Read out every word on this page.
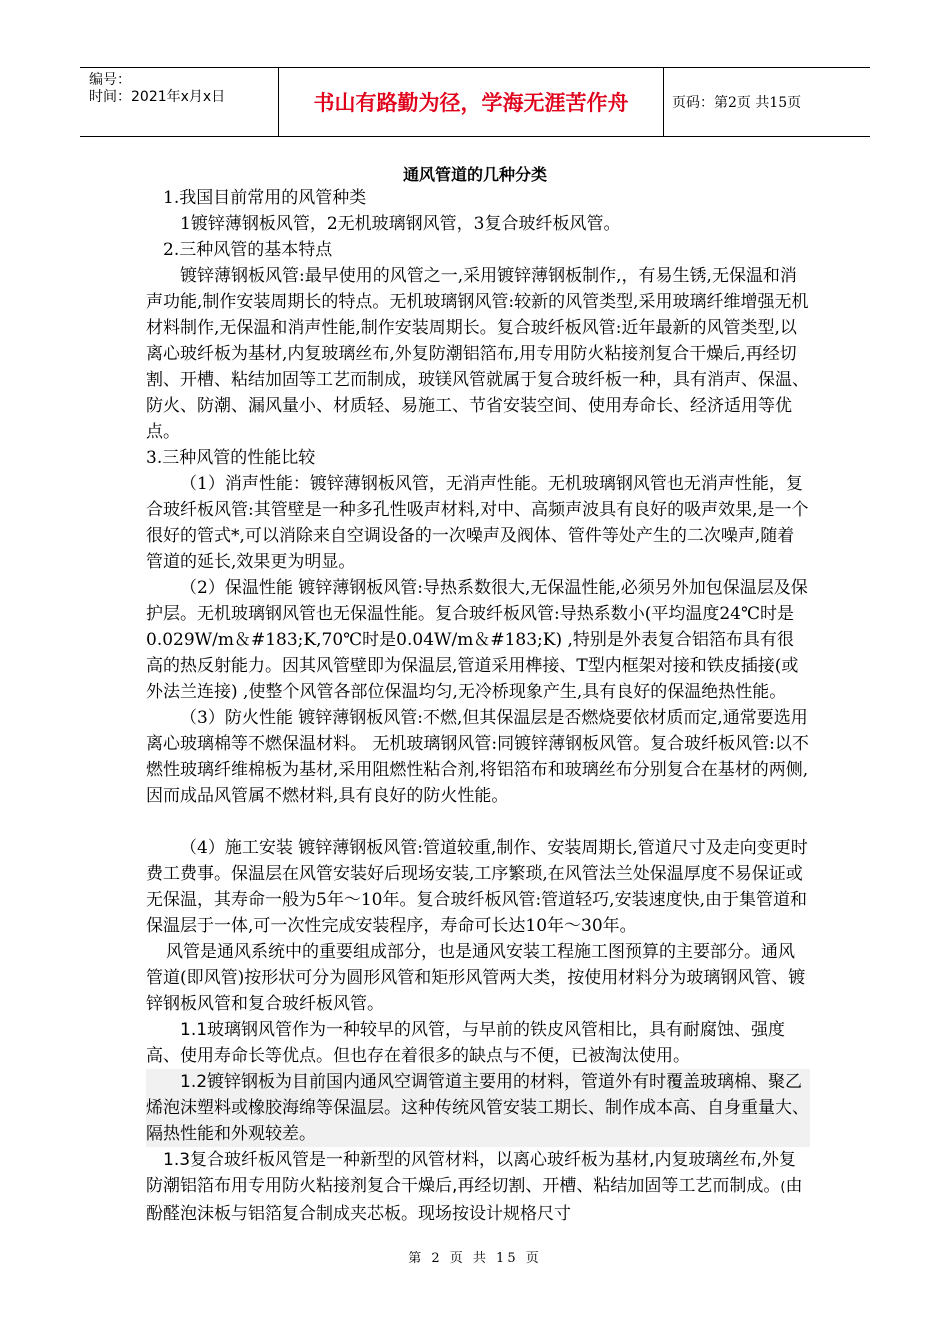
编号：
时间：2021年x月x日	书山有路勤为径，学海无涯苦作舟	页码：第2页 共15页
通风管道的几种分类

1.我国目前常用的风管种类

1镀锌薄钢板风管，2无机玻璃钢风管，3复合玻纤板风管。

2.三种风管的基本特点

镀锌薄钢板风管:最早使用的风管之一,采用镀锌薄钢板制作,，有易生锈,无保温和消声功能,制作安装周期长的特点。无机玻璃钢风管:较新的风管类型,采用玻璃纤维增强无机材料制作,无保温和消声性能,制作安装周期长。复合玻纤板风管:近年最新的风管类型,以离心玻纤板为基材,内复玻璃丝布,外复防潮铝箔布,用专用防火粘接剂复合干燥后,再经切割、开槽、粘结加固等工艺而制成，玻镁风管就属于复合玻纤板一种，具有消声、保温、防火、防潮、漏风量小、材质轻、易施工、节省安装空间、使用寿命长、经济适用等优点。

3.三种风管的性能比较

（1）消声性能：镀锌薄钢板风管，无消声性能。无机玻璃钢风管也无消声性能，复合玻纤板风管:其管壁是一种多孔性吸声材料,对中、高频声波具有良好的吸声效果,是一个很好的管式*,可以消除来自空调设备的一次噪声及阀体、管件等处产生的二次噪声,随着管道的延长,效果更为明显。

（2）保温性能 镀锌薄钢板风管:导热系数很大,无保温性能,必须另外加包保温层及保护层。无机玻璃钢风管也无保温性能。复合玻纤板风管:导热系数小(平均温度24℃时是0.029W/m＆#183;K,70℃时是0.04W/m＆#183;K) ,特别是外表复合铝箔布具有很高的热反射能力。因其风管壁即为保温层,管道采用榫接、T型内框架对接和铁皮插接(或外法兰连接) ,使整个风管各部位保温均匀,无冷桥现象产生,具有良好的保温绝热性能。

（3）防火性能 镀锌薄钢板风管:不燃,但其保温层是否燃烧要依材质而定,通常要选用离心玻璃棉等不燃保温材料。 无机玻璃钢风管:同镀锌薄钢板风管。复合玻纤板风管:以不燃性玻璃纤维棉板为基材,采用阻燃性粘合剂,将铝箔布和玻璃丝布分别复合在基材的两侧,因而成品风管属不燃材料,具有良好的防火性能。

（4）施工安装 镀锌薄钢板风管:管道较重,制作、安装周期长,管道尺寸及走向变更时费工费事。保温层在风管安装好后现场安装,工序繁琐,在风管法兰处保温厚度不易保证或无保温，其寿命一般为5年～10年。复合玻纤板风管:管道轻巧,安装速度快,由于集管道和保温层于一体,可一次性完成安装程序，寿命可长达10年～30年。

风管是通风系统中的重要组成部分，也是通风安装工程施工图预算的主要部分。通风管道(即风管)按形状可分为圆形风管和矩形风管两大类，按使用材料分为玻璃钢风管、镀锌钢板风管和复合玻纤板风管。

1.1玻璃钢风管作为一种较早的风管，与早前的铁皮风管相比，具有耐腐蚀、强度高、使用寿命长等优点。但也存在着很多的缺点与不便，已被淘汰使用。

1.2镀锌钢板为目前国内通风空调管道主要用的材料，管道外有时覆盖玻璃棉、聚乙烯泡沫塑料或橡胶海绵等保温层。这种传统风管安装工期长、制作成本高、自身重量大、隔热性能和外观较差。

1.3复合玻纤板风管是一种新型的风管材料，以离心玻纤板为基材,内复玻璃丝布,外复防潮铝箔布用专用防火粘接剂复合干燥后,再经切割、开槽、粘结加固等工艺而制成。(由酚醛泡沫板与铝箔复合制成夹芯板。现场按设计规格尺寸

第 2 页 共 15 页
